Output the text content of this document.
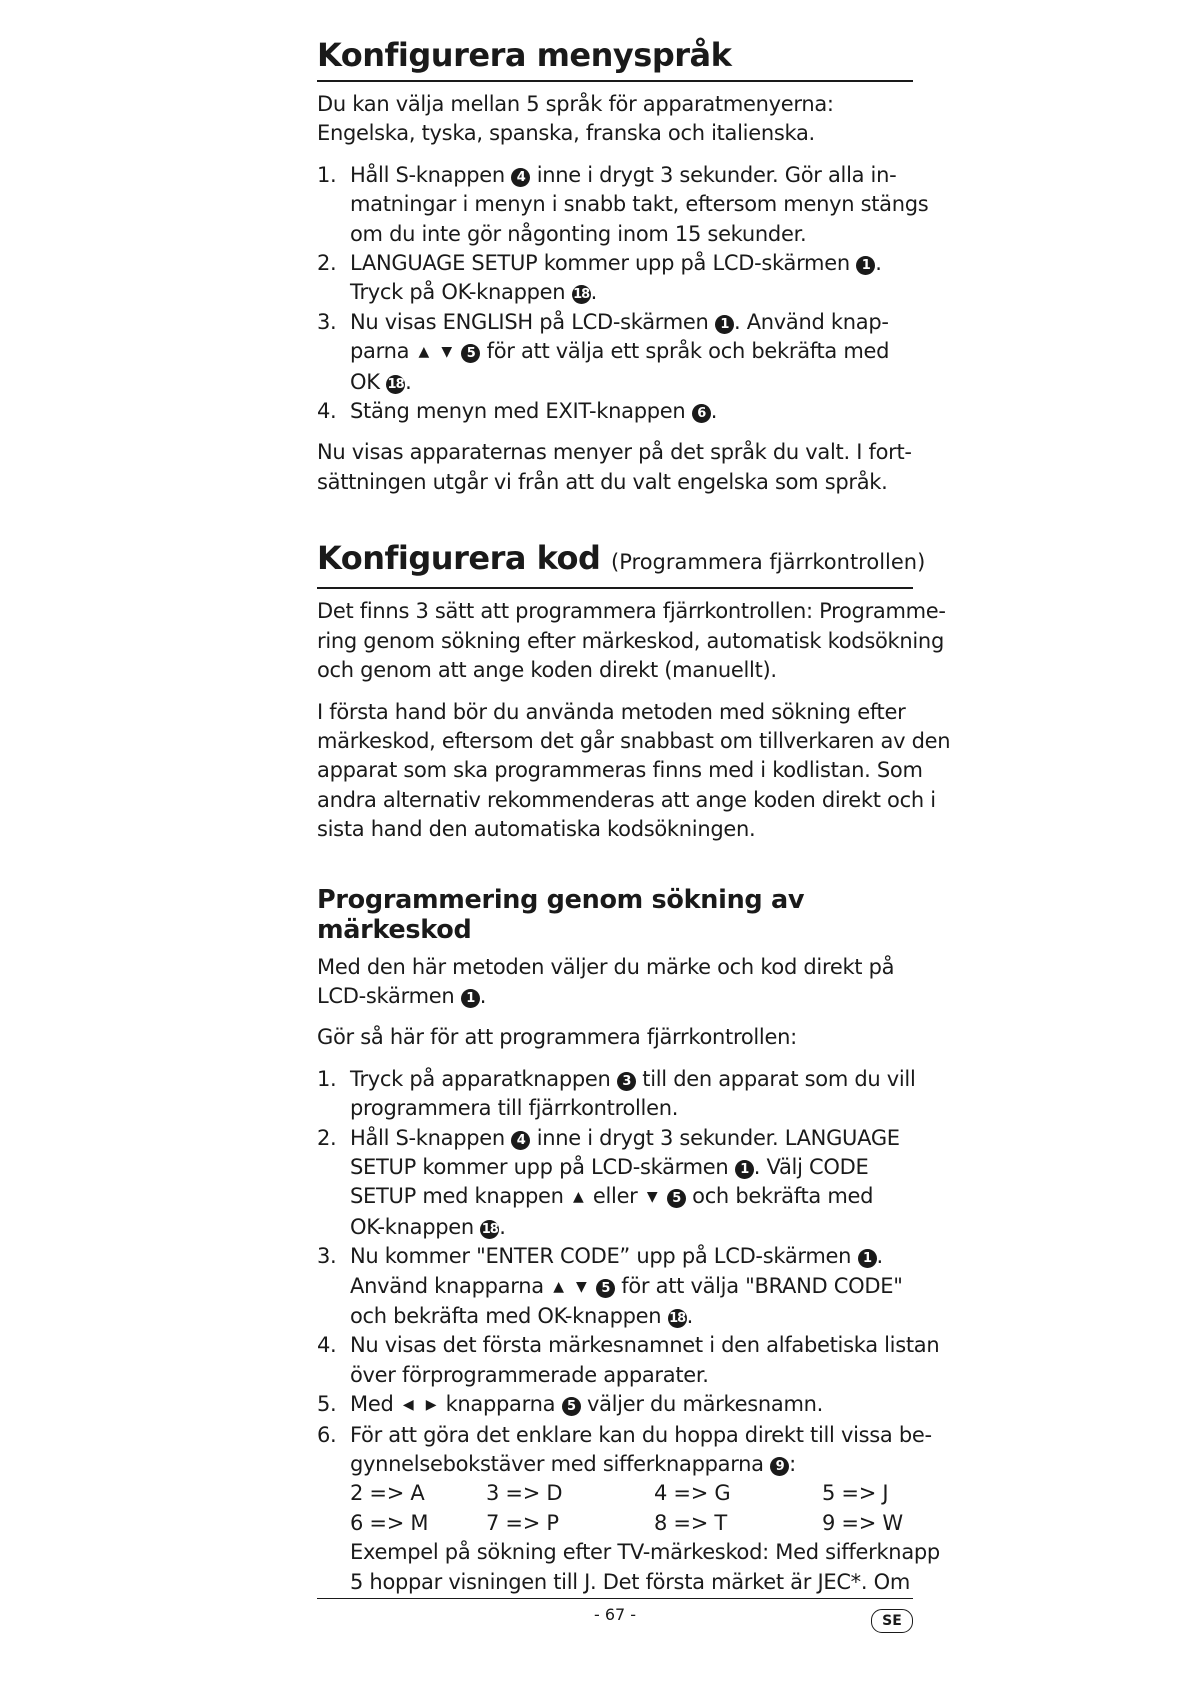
Konfigurera menyspråk
Du kan välja mellan 5 språk för apparatmenyerna:
Engelska, tyska, spanska, franska och italienska.
1. Håll S-knappen 4 inne i drygt 3 sekunder. Gör alla in-
matningar i menyn i snabb takt, eftersom menyn stängs
om du inte gör någonting inom 15 sekunder.
2. LANGUAGE SETUP kommer upp på LCD-skärmen 1 .
Tryck på OK-knappen 18.
3. Nu visas ENGLISH på LCD-skärmen 1 . Använd knap-
parna ▲ ▼ 5 för att välja ett språk och bekräfta med
OK 18.
4. Stäng menyn med EXIT-knappen 6 .
Nu visas apparaternas menyer på det språk du valt. I fort-
sättningen utgår vi från att du valt engelska som språk.
Konfigurera kod (Programmera fjärrkontrollen)
Det finns 3 sätt att programmera fjärrkontrollen: Programme-
ring genom sökning efter märkeskod, automatisk kodsökning
och genom att ange koden direkt (manuellt).
I första hand bör du använda metoden med sökning efter
märkeskod, eftersom det går snabbast om tillverkaren av den
apparat som ska programmeras finns med i kodlistan. Som
andra alternativ rekommenderas att ange koden direkt och i
sista hand den automatiska kodsökningen.
Programmering genom sökning av
märkeskod
Med den här metoden väljer du märke och kod direkt på
LCD-skärmen 1 .
Gör så här för att programmera fjärrkontrollen:
1. Tryck på apparatknappen 3 till den apparat som du vill
programmera till fjärrkontrollen.
2. Håll S-knappen 4 inne i drygt 3 sekunder. LANGUAGE
SETUP kommer upp på LCD-skärmen 1 . Välj CODE
SETUP med knappen ▲ eller ▼ 5 och bekräfta med
OK-knappen 18.
3. Nu kommer "ENTER CODE” upp på LCD-skärmen 1 .
Använd knapparna ▲ ▼ 5 för att välja "BRAND CODE"
och bekräfta med OK-knappen 18.
4. Nu visas det första märkesnamnet i den alfabetiska listan
över förprogrammerade apparater.
5. Med ◀ ▶ knapparna 5 väljer du märkesnamn.
6. För att göra det enklare kan du hoppa direkt till vissa be-
gynnelsebokstäver med sifferknapparna 9 :
2 => A	3 => D	4 => G	5 => J
6 => M	7 => P	8 => T	9 => W
Exempel på sökning efter TV-märkeskod: Med sifferknapp
5 hoppar visningen till J. Det första märket är JEC*. Om
- 67 -	SE
